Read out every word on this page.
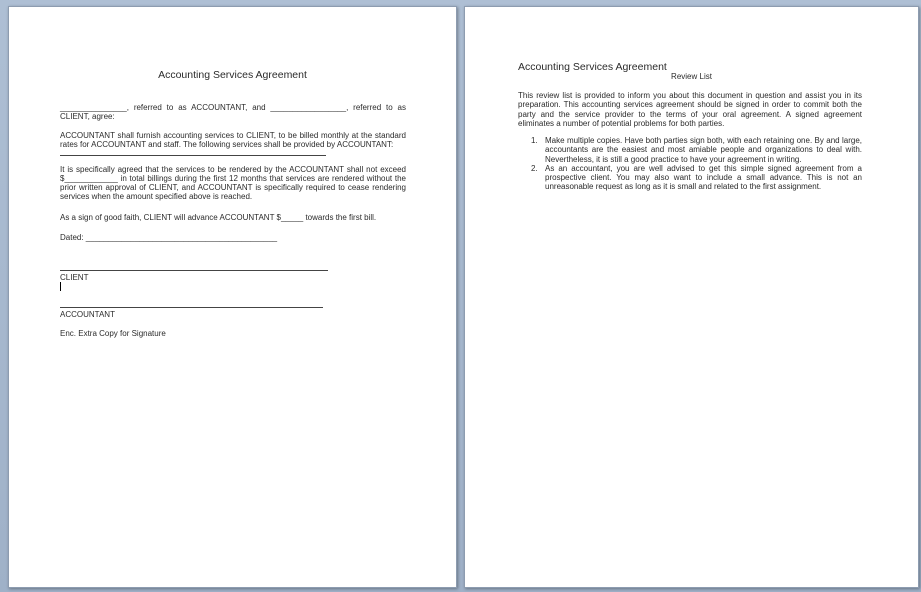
Accounting Services Agreement
_______________, referred to as ACCOUNTANT, and _________________, referred to as
CLIENT, agree:
ACCOUNTANT shall furnish accounting services to CLIENT, to be billed monthly at the standard
rates for ACCOUNTANT and staff. The following services shall be provided by ACCOUNTANT:
It is specifically agreed that the services to be rendered by the ACCOUNTANT shall not exceed
$____________ in total billings during the first 12 months that services are rendered without the
prior written approval of CLIENT, and ACCOUNTANT is specifically required to cease rendering
services when the amount specified above is reached.
As a sign of good faith, CLIENT will advance ACCOUNTANT $_____ towards the first bill.
Dated: ___________________________________________
CLIENT
ACCOUNTANT
Enc. Extra Copy for Signature
Accounting Services Agreement
Review List
This review list is provided to inform you about this document in question and assist you in its preparation. This accounting services agreement should be signed in order to commit both the party and the service provider to the terms of your oral agreement. A signed agreement eliminates a number of potential problems for both parties.
1. Make multiple copies. Have both parties sign both, with each retaining one. By and large, accountants are the easiest and most amiable people and organizations to deal with. Nevertheless, it is still a good practice to have your agreement in writing.
2. As an accountant, you are well advised to get this simple signed agreement from a prospective client. You may also want to include a small advance. This is not an unreasonable request as long as it is small and related to the first assignment.
